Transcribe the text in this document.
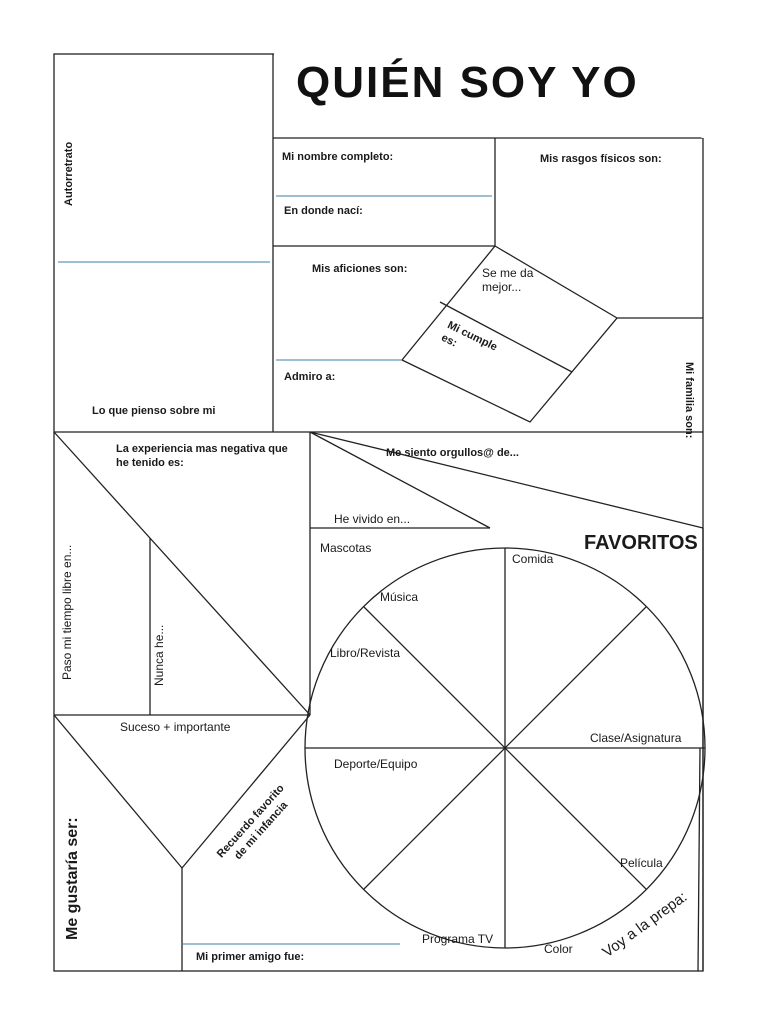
QUIÉN SOY YO
FAVORITOS
Autorretrato
Lo que pienso sobre mi
Mi nombre completo:
En donde nací:
Mis rasgos físicos son:
Mis aficiones son:	Se me da mejor...
Mi cumple es:
Admiro a:	Mi familia son:
La experiencia mas negativa que he tenido es:
Me siento orgullos@ de...
He vivido en...
Paso mi tiempo libre en...	Nunca he...
Suceso + importante
Recuerdo favorito de mi infancia
Me gustaría ser:
Mi primer amigo fue:
Mascotas
Comida
Música
Libro/Revista
Clase/Asignatura
Deporte/Equipo
Película
Programa TV
Color Voy a la prepa:
